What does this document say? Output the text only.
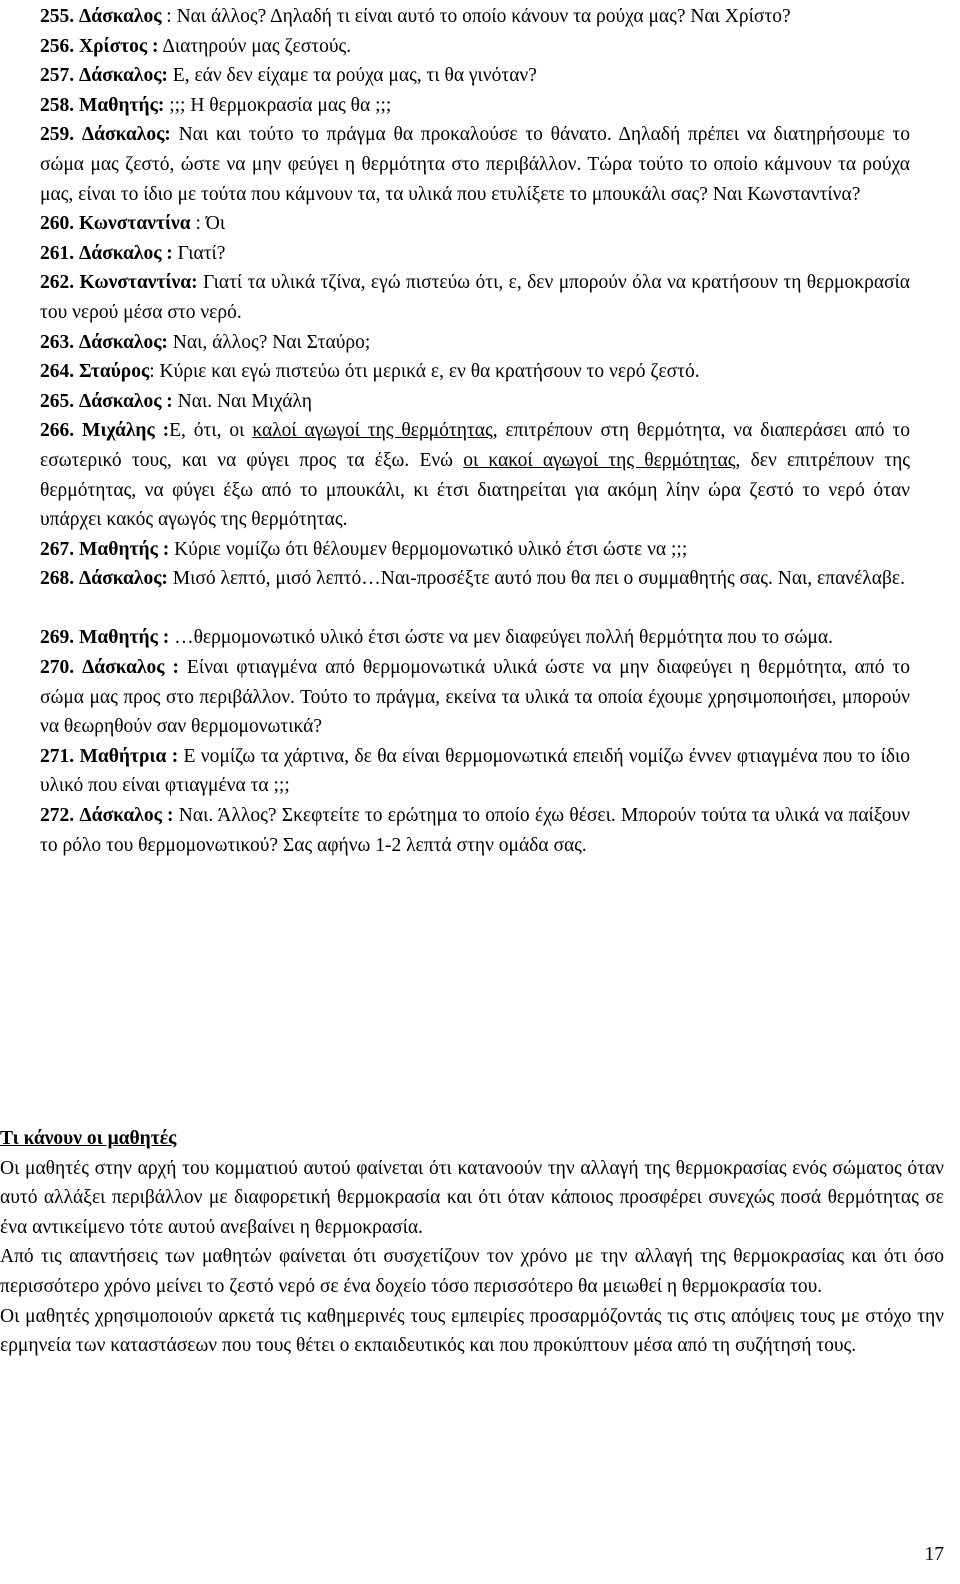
255. Δάσκαλος : Ναι άλλος? Δηλαδή τι είναι αυτό το οποίο κάνουν τα ρούχα μας? Ναι Χρίστο?

256. Χρίστος : Διατηρούν μας ζεστούς.

257. Δάσκαλος: Ε, εάν δεν είχαμε τα ρούχα μας, τι θα γινόταν?

258. Μαθητής: ;;; Η θερμοκρασία μας θα ;;;

259. Δάσκαλος: Ναι και τούτο το πράγμα θα προκαλούσε το θάνατο. Δηλαδή πρέπει να διατηρήσουμε το σώμα μας ζεστό, ώστε να μην φεύγει η θερμότητα στο περιβάλλον. Τώρα τούτο το οποίο κάμνουν τα ρούχα μας, είναι το ίδιο με τούτα που κάμνουν τα, τα υλικά που ετυλίξετε το μπουκάλι σας? Ναι Κωνσταντίνα?

260. Κωνσταντίνα : Όι

261. Δάσκαλος : Γιατί?

262. Κωνσταντίνα: Γιατί τα υλικά τζίνα, εγώ πιστεύω ότι, ε, δεν μπορούν όλα να κρατήσουν τη θερμοκρασία του νερού μέσα στο νερό.

263. Δάσκαλος: Ναι, άλλος? Ναι Σταύρο;

264. Σταύρος: Κύριε και εγώ πιστεύω ότι μερικά ε, εν θα κρατήσουν το νερό ζεστό.

265. Δάσκαλος : Ναι. Ναι Μιχάλη

266. Μιχάλης :Ε, ότι, οι καλοί αγωγοί της θερμότητας, επιτρέπουν στη θερμότητα, να διαπεράσει από το εσωτερικό τους, και να φύγει προς τα έξω. Ενώ οι κακοί αγωγοί της θερμότητας, δεν επιτρέπουν της θερμότητας, να φύγει έξω από το μπουκάλι, κι έτσι διατηρείται για ακόμη λίην ώρα ζεστό το νερό όταν υπάρχει κακός αγωγός της θερμότητας.

267. Μαθητής : Κύριε νομίζω ότι θέλουμεν θερμομονωτικό υλικό έτσι ώστε να ;;;

268. Δάσκαλος: Μισό λεπτό, μισό λεπτό…Ναι-προσέξτε αυτό που θα πει ο συμμαθητής σας. Ναι, επανέλαβε.

269. Μαθητής : …θερμομονωτικό υλικό έτσι ώστε να μεν διαφεύγει πολλή θερμότητα που το σώμα.

270. Δάσκαλος : Είναι φτιαγμένα από θερμομονωτικά υλικά ώστε να μην διαφεύγει η θερμότητα, από το σώμα μας προς στο περιβάλλον. Τούτο το πράγμα, εκείνα τα υλικά τα οποία έχουμε χρησιμοποιήσει, μπορούν να θεωρηθούν σαν θερμομονωτικά?

271. Μαθήτρια : Ε νομίζω τα χάρτινα, δε θα είναι θερμομονωτικά επειδή νομίζω έννεν φτιαγμένα που το ίδιο υλικό που είναι φτιαγμένα τα ;;;

272. Δάσκαλος : Ναι. Άλλος? Σκεφτείτε το ερώτημα το οποίο έχω θέσει. Μπορούν τούτα τα υλικά να παίξουν το ρόλο του θερμομονωτικού? Σας αφήνω 1-2 λεπτά στην ομάδα σας.

Τι κάνουν οι μαθητές

Οι μαθητές στην αρχή του κομματιού αυτού φαίνεται ότι κατανοούν την αλλαγή της θερμοκρασίας ενός σώματος όταν αυτό αλλάξει περιβάλλον με διαφορετική θερμοκρασία και ότι όταν κάποιος προσφέρει συνεχώς ποσά θερμότητας σε ένα αντικείμενο τότε αυτού ανεβαίνει η θερμοκρασία.

Από τις απαντήσεις των μαθητών φαίνεται ότι συσχετίζουν τον χρόνο με την αλλαγή της θερμοκρασίας και ότι όσο περισσότερο χρόνο μείνει το ζεστό νερό σε ένα δοχείο τόσο περισσότερο θα μειωθεί η θερμοκρασία του.

Οι μαθητές χρησιμοποιούν αρκετά τις καθημερινές τους εμπειρίες προσαρμόζοντάς τις στις απόψεις τους με στόχο την ερμηνεία των καταστάσεων που τους θέτει ο εκπαιδευτικός και που προκύπτουν μέσα από τη συζήτησή τους.

17
